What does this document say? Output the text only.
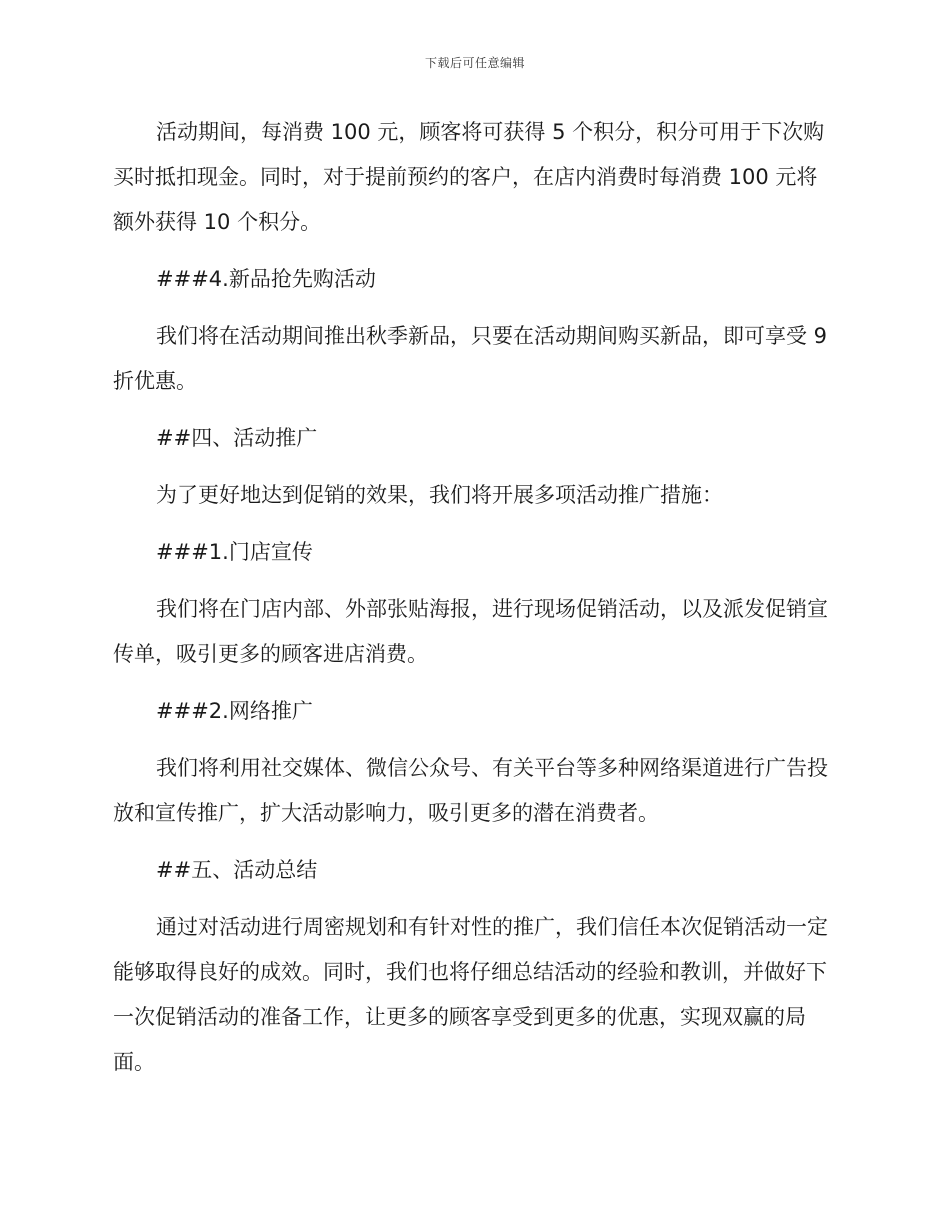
下载后可任意编辑

活动期间，每消费 100 元，顾客将可获得 5 个积分，积分可用于下次购买时抵扣现金。同时，对于提前预约的客户，在店内消费时每消费 100 元将额外获得 10 个积分。

###4.新品抢先购活动

我们将在活动期间推出秋季新品，只要在活动期间购买新品，即可享受 9 折优惠。

##四、活动推广

为了更好地达到促销的效果，我们将开展多项活动推广措施：

###1.门店宣传

我们将在门店内部、外部张贴海报，进行现场促销活动，以及派发促销宣传单，吸引更多的顾客进店消费。

###2.网络推广

我们将利用社交媒体、微信公众号、有关平台等多种网络渠道进行广告投放和宣传推广，扩大活动影响力，吸引更多的潜在消费者。

##五、活动总结

通过对活动进行周密规划和有针对性的推广，我们信任本次促销活动一定能够取得良好的成效。同时，我们也将仔细总结活动的经验和教训，并做好下一次促销活动的准备工作，让更多的顾客享受到更多的优惠，实现双赢的局面。
